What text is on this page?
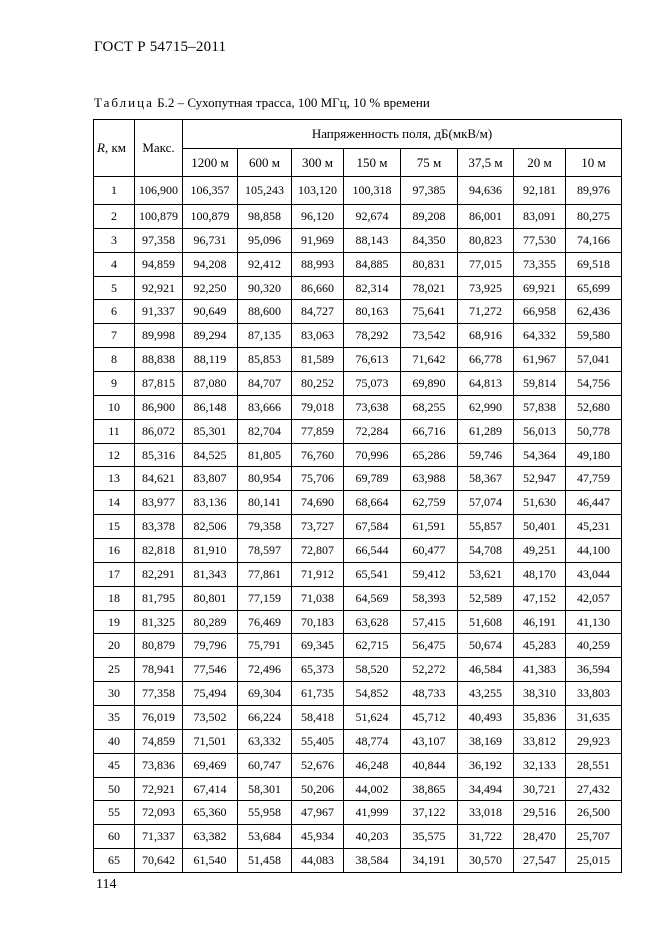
ГОСТ Р 54715–2011
Таблица Б.2 – Сухопутная трасса, 100 МГц, 10 % времени
R, км	Макс.	Напряженность поля, дБ(мкВ/м)							
		1200 м	600 м	300 м	150 м	75 м	37,5 м	20 м	10 м
1	106,900	106,357	105,243	103,120	100,318	97,385	94,636	92,181	89,976
2	100,879	100,879	98,858	96,120	92,674	89,208	86,001	83,091	80,275
3	97,358	96,731	95,096	91,969	88,143	84,350	80,823	77,530	74,166
4	94,859	94,208	92,412	88,993	84,885	80,831	77,015	73,355	69,518
5	92,921	92,250	90,320	86,660	82,314	78,021	73,925	69,921	65,699
6	91,337	90,649	88,600	84,727	80,163	75,641	71,272	66,958	62,436
7	89,998	89,294	87,135	83,063	78,292	73,542	68,916	64,332	59,580
8	88,838	88,119	85,853	81,589	76,613	71,642	66,778	61,967	57,041
9	87,815	87,080	84,707	80,252	75,073	69,890	64,813	59,814	54,756
10	86,900	86,148	83,666	79,018	73,638	68,255	62,990	57,838	52,680
11	86,072	85,301	82,704	77,859	72,284	66,716	61,289	56,013	50,778
12	85,316	84,525	81,805	76,760	70,996	65,286	59,746	54,364	49,180
13	84,621	83,807	80,954	75,706	69,789	63,988	58,367	52,947	47,759
14	83,977	83,136	80,141	74,690	68,664	62,759	57,074	51,630	46,447
15	83,378	82,506	79,358	73,727	67,584	61,591	55,857	50,401	45,231
16	82,818	81,910	78,597	72,807	66,544	60,477	54,708	49,251	44,100
17	82,291	81,343	77,861	71,912	65,541	59,412	53,621	48,170	43,044
18	81,795	80,801	77,159	71,038	64,569	58,393	52,589	47,152	42,057
19	81,325	80,289	76,469	70,183	63,628	57,415	51,608	46,191	41,130
20	80,879	79,796	75,791	69,345	62,715	56,475	50,674	45,283	40,259
25	78,941	77,546	72,496	65,373	58,520	52,272	46,584	41,383	36,594
30	77,358	75,494	69,304	61,735	54,852	48,733	43,255	38,310	33,803
35	76,019	73,502	66,224	58,418	51,624	45,712	40,493	35,836	31,635
40	74,859	71,501	63,332	55,405	48,774	43,107	38,169	33,812	29,923
45	73,836	69,469	60,747	52,676	46,248	40,844	36,192	32,133	28,551
50	72,921	67,414	58,301	50,206	44,002	38,865	34,494	30,721	27,432
55	72,093	65,360	55,958	47,967	41,999	37,122	33,018	29,516	26,500
60	71,337	63,382	53,684	45,934	40,203	35,575	31,722	28,470	25,707
65	70,642	61,540	51,458	44,083	38,584	34,191	30,570	27,547	25,015
114
